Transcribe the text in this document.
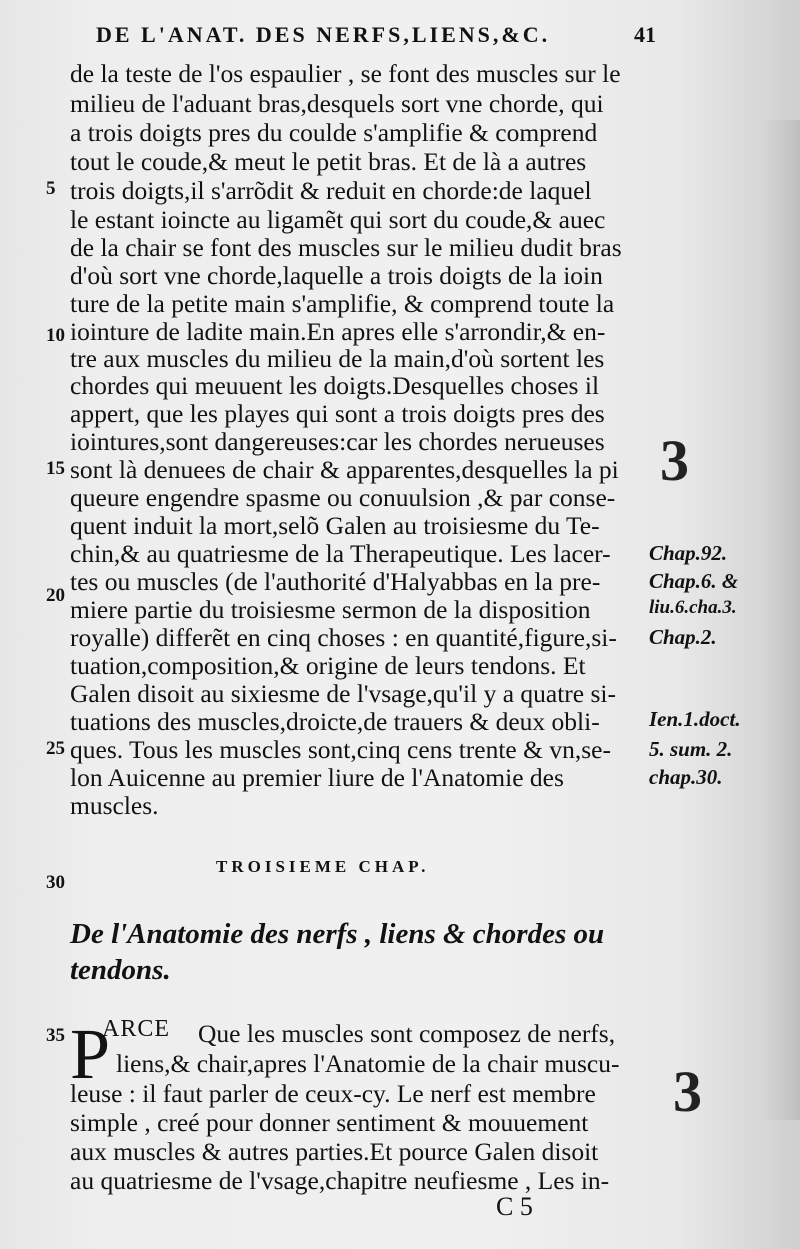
DE L'ANAT. DES NERFS,LIENS,&C.	41
de la teste de l'os espaulier , se font des muscles sur le
milieu de l'aduant bras,desquels sort vne chorde, qui
a trois doigts pres du coulde s'amplifie & comprend
tout le coude,& meut le petit bras. Et de là a autres
trois doigts,il s'arrõdit & reduit en chorde:de laquel
le estant ioincte au ligamẽt qui sort du coude,& auec
de la chair se font des muscles sur le milieu dudit bras
d'où sort vne chorde,laquelle a trois doigts de la ioin
ture de la petite main s'amplifie, & comprend toute la
iointure de ladite main.En apres elle s'arrondir,& en-
tre aux muscles du milieu de la main,d'où sortent les
chordes qui meuuent les doigts.Desquelles choses il
appert, que les playes qui sont a trois doigts pres des
iointures,sont dangereuses:car les chordes nerueuses
sont là denuees de chair & apparentes,desquelles la pi
queure engendre spasme ou conuulsion ,& par conse-
quent induit la mort,selõ Galen au troisiesme du Te-
chin,& au quatriesme de la Therapeutique. Les lacer-
tes ou muscles (de l'authorité d'Halyabbas en la pre-
miere partie du troisiesme sermon de la disposition
royalle) differẽt en cinq choses : en quantité,figure,si-
tuation,composition,& origine de leurs tendons. Et
Galen disoit au sixiesme de l'vsage,qu'il y a quatre si-
tuations des muscles,droicte,de trauers & deux obli-
ques. Tous les muscles sont,cinq cens trente & vn,se-
lon Auicenne au premier liure de l'Anatomie des
muscles.
5
10
15
20
25
30
35
Chap.92.
Chap.6. &
liu.6.cha.3.
Chap.2.
Ien.1.doct.
5. sum. 2.
chap.30.
3
3
TROISIEME CHAP.
De l'Anatomie des nerfs , liens & chordes ou
tendons.
P
ARCE Que les muscles sont composez de nerfs,
liens,& chair,apres l'Anatomie de la chair muscu-
leuse : il faut parler de ceux-cy. Le nerf est membre
simple , creé pour donner sentiment & mouuement
aux muscles & autres parties.Et pource Galen disoit
au quatriesme de l'vsage,chapitre neufiesme , Les in-
C 5
